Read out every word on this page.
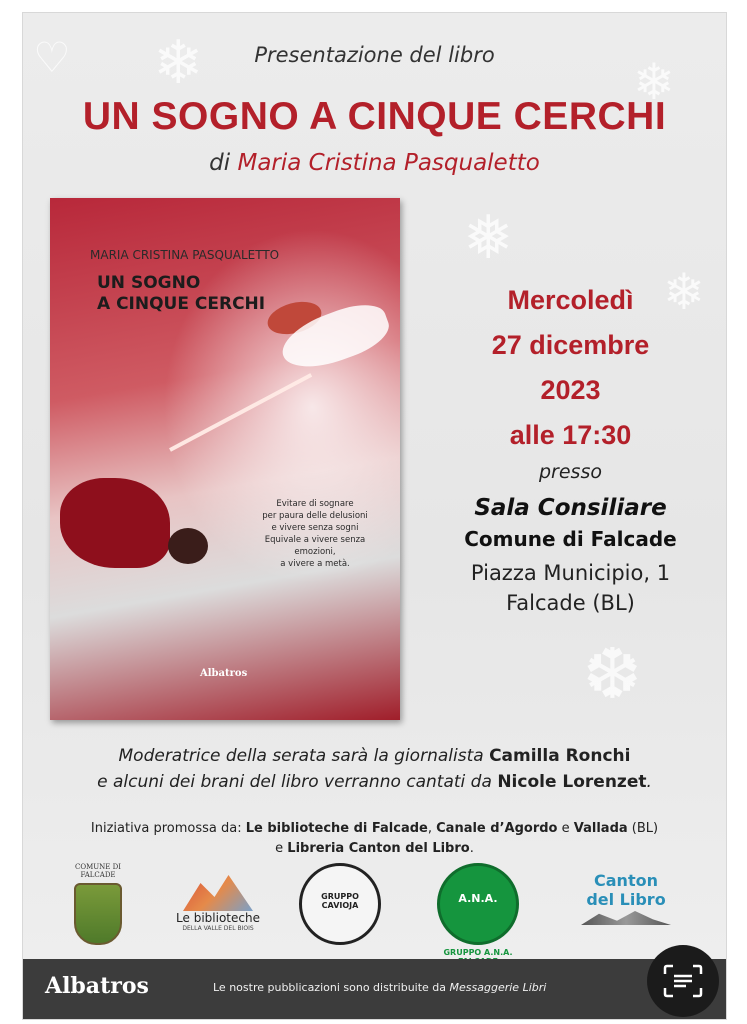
♡ ❄	❄
❅
❄
❆
Presentazione del libro
UN SOGNO A CINQUE CERCHI
di Maria Cristina Pasqualetto
MARIA CRISTINA PASQUALETTO
UN SOGNO
A CINQUE CERCHI
Evitare di sognare
per paura delle delusioni
e vivere senza sogni
Equivale a vivere senza emozioni,
a vivere a metà.
Albatros
Mercoledì
27 dicembre
2023
alle 17:30
presso
Sala Consiliare
Comune di Falcade
Piazza Municipio, 1
Falcade (BL)
Moderatrice della serata sarà la giornalista Camilla Ronchi
e alcuni dei brani del libro verranno cantati da Nicole Lorenzet.
Iniziativa promossa da: Le biblioteche di Falcade, Canale d’Agordo e Vallada (BL)
e Libreria Canton del Libro.
COMUNE DI FALCADE
Le biblioteche
DELLA VALLE DEL BIOIS
GRUPPO CAVIOJA
A.N.A.
GRUPPO A.N.A.
Canton
del Libro
Albatros	Le nostre pubblicazioni sono distribuite da Messaggerie Libri
